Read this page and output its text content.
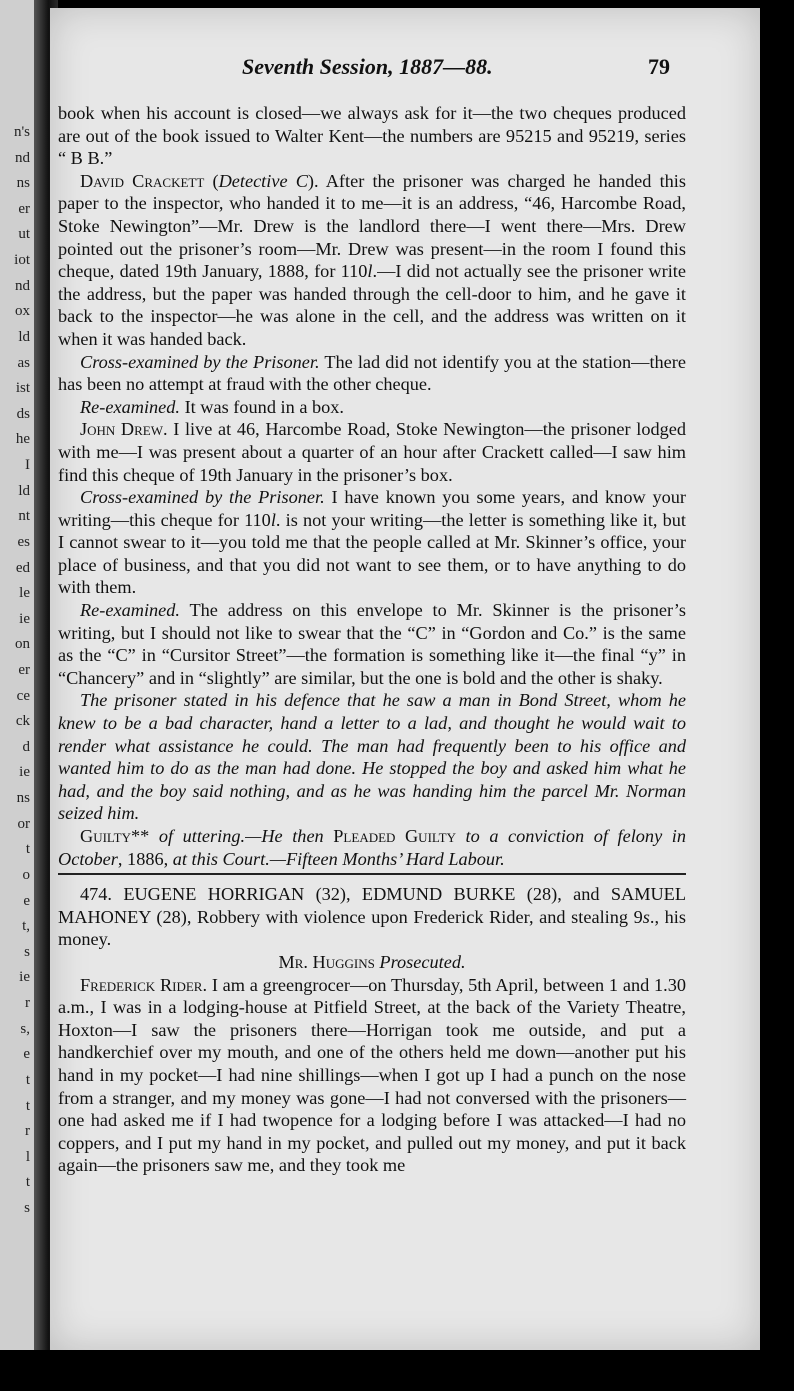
n's
nd
ns
er
ut
iot
nd
ox
ld
as
ist
ds
he
I
ld
nt
es
ed
le
ie
on
er
ce
ck
d
ie
ns
or
t
o
e
t,
s
ie
r
s,
e
t
t
r
l
t
s
Seventh Session, 1887—88.	79

book when his account is closed—we always ask for it—the two cheques produced are out of the book issued to Walter Kent—the numbers are 95215 and 95219, series “ B B.”

David Crackett (Detective C). After the prisoner was charged he handed this paper to the inspector, who handed it to me—it is an address, “46, Harcombe Road, Stoke Newington”—Mr. Drew is the landlord there—I went there—Mrs. Drew pointed out the prisoner’s room—Mr. Drew was present—in the room I found this cheque, dated 19th January, 1888, for 110l.—I did not actually see the prisoner write the address, but the paper was handed through the cell-door to him, and he gave it back to the inspector—he was alone in the cell, and the address was written on it when it was handed back.

Cross-examined by the Prisoner. The lad did not identify you at the station—there has been no attempt at fraud with the other cheque.

Re-examined. It was found in a box.

John Drew. I live at 46, Harcombe Road, Stoke Newington—the prisoner lodged with me—I was present about a quarter of an hour after Crackett called—I saw him find this cheque of 19th January in the prisoner’s box.

Cross-examined by the Prisoner. I have known you some years, and know your writing—this cheque for 110l. is not your writing—the letter is something like it, but I cannot swear to it—you told me that the people called at Mr. Skinner’s office, your place of business, and that you did not want to see them, or to have anything to do with them.

Re-examined. The address on this envelope to Mr. Skinner is the prisoner’s writing, but I should not like to swear that the “C” in “Gordon and Co.” is the same as the “C” in “Cursitor Street”—the formation is something like it—the final “y” in “Chancery” and in “slightly” are similar, but the one is bold and the other is shaky.

The prisoner stated in his defence that he saw a man in Bond Street, whom he knew to be a bad character, hand a letter to a lad, and thought he would wait to render what assistance he could. The man had frequently been to his office and wanted him to do as the man had done. He stopped the boy and asked him what he had, and the boy said nothing, and as he was handing him the parcel Mr. Norman seized him.

Guilty** of uttering.—He then Pleaded Guilty to a conviction of felony in October, 1886, at this Court.—Fifteen Months’ Hard Labour.

474. EUGENE HORRIGAN (32), EDMUND BURKE (28), and SAMUEL MAHONEY (28), Robbery with violence upon Frederick Rider, and stealing 9s., his money.

Mr. Huggins Prosecuted.

Frederick Rider. I am a greengrocer—on Thursday, 5th April, between 1 and 1.30 a.m., I was in a lodging-house at Pitfield Street, at the back of the Variety Theatre, Hoxton—I saw the prisoners there—Horrigan took me outside, and put a handkerchief over my mouth, and one of the others held me down—another put his hand in my pocket—I had nine shillings—when I got up I had a punch on the nose from a stranger, and my money was gone—I had not conversed with the prisoners—one had asked me if I had twopence for a lodging before I was attacked—I had no coppers, and I put my hand in my pocket, and pulled out my money, and put it back again—the prisoners saw me, and they took me
